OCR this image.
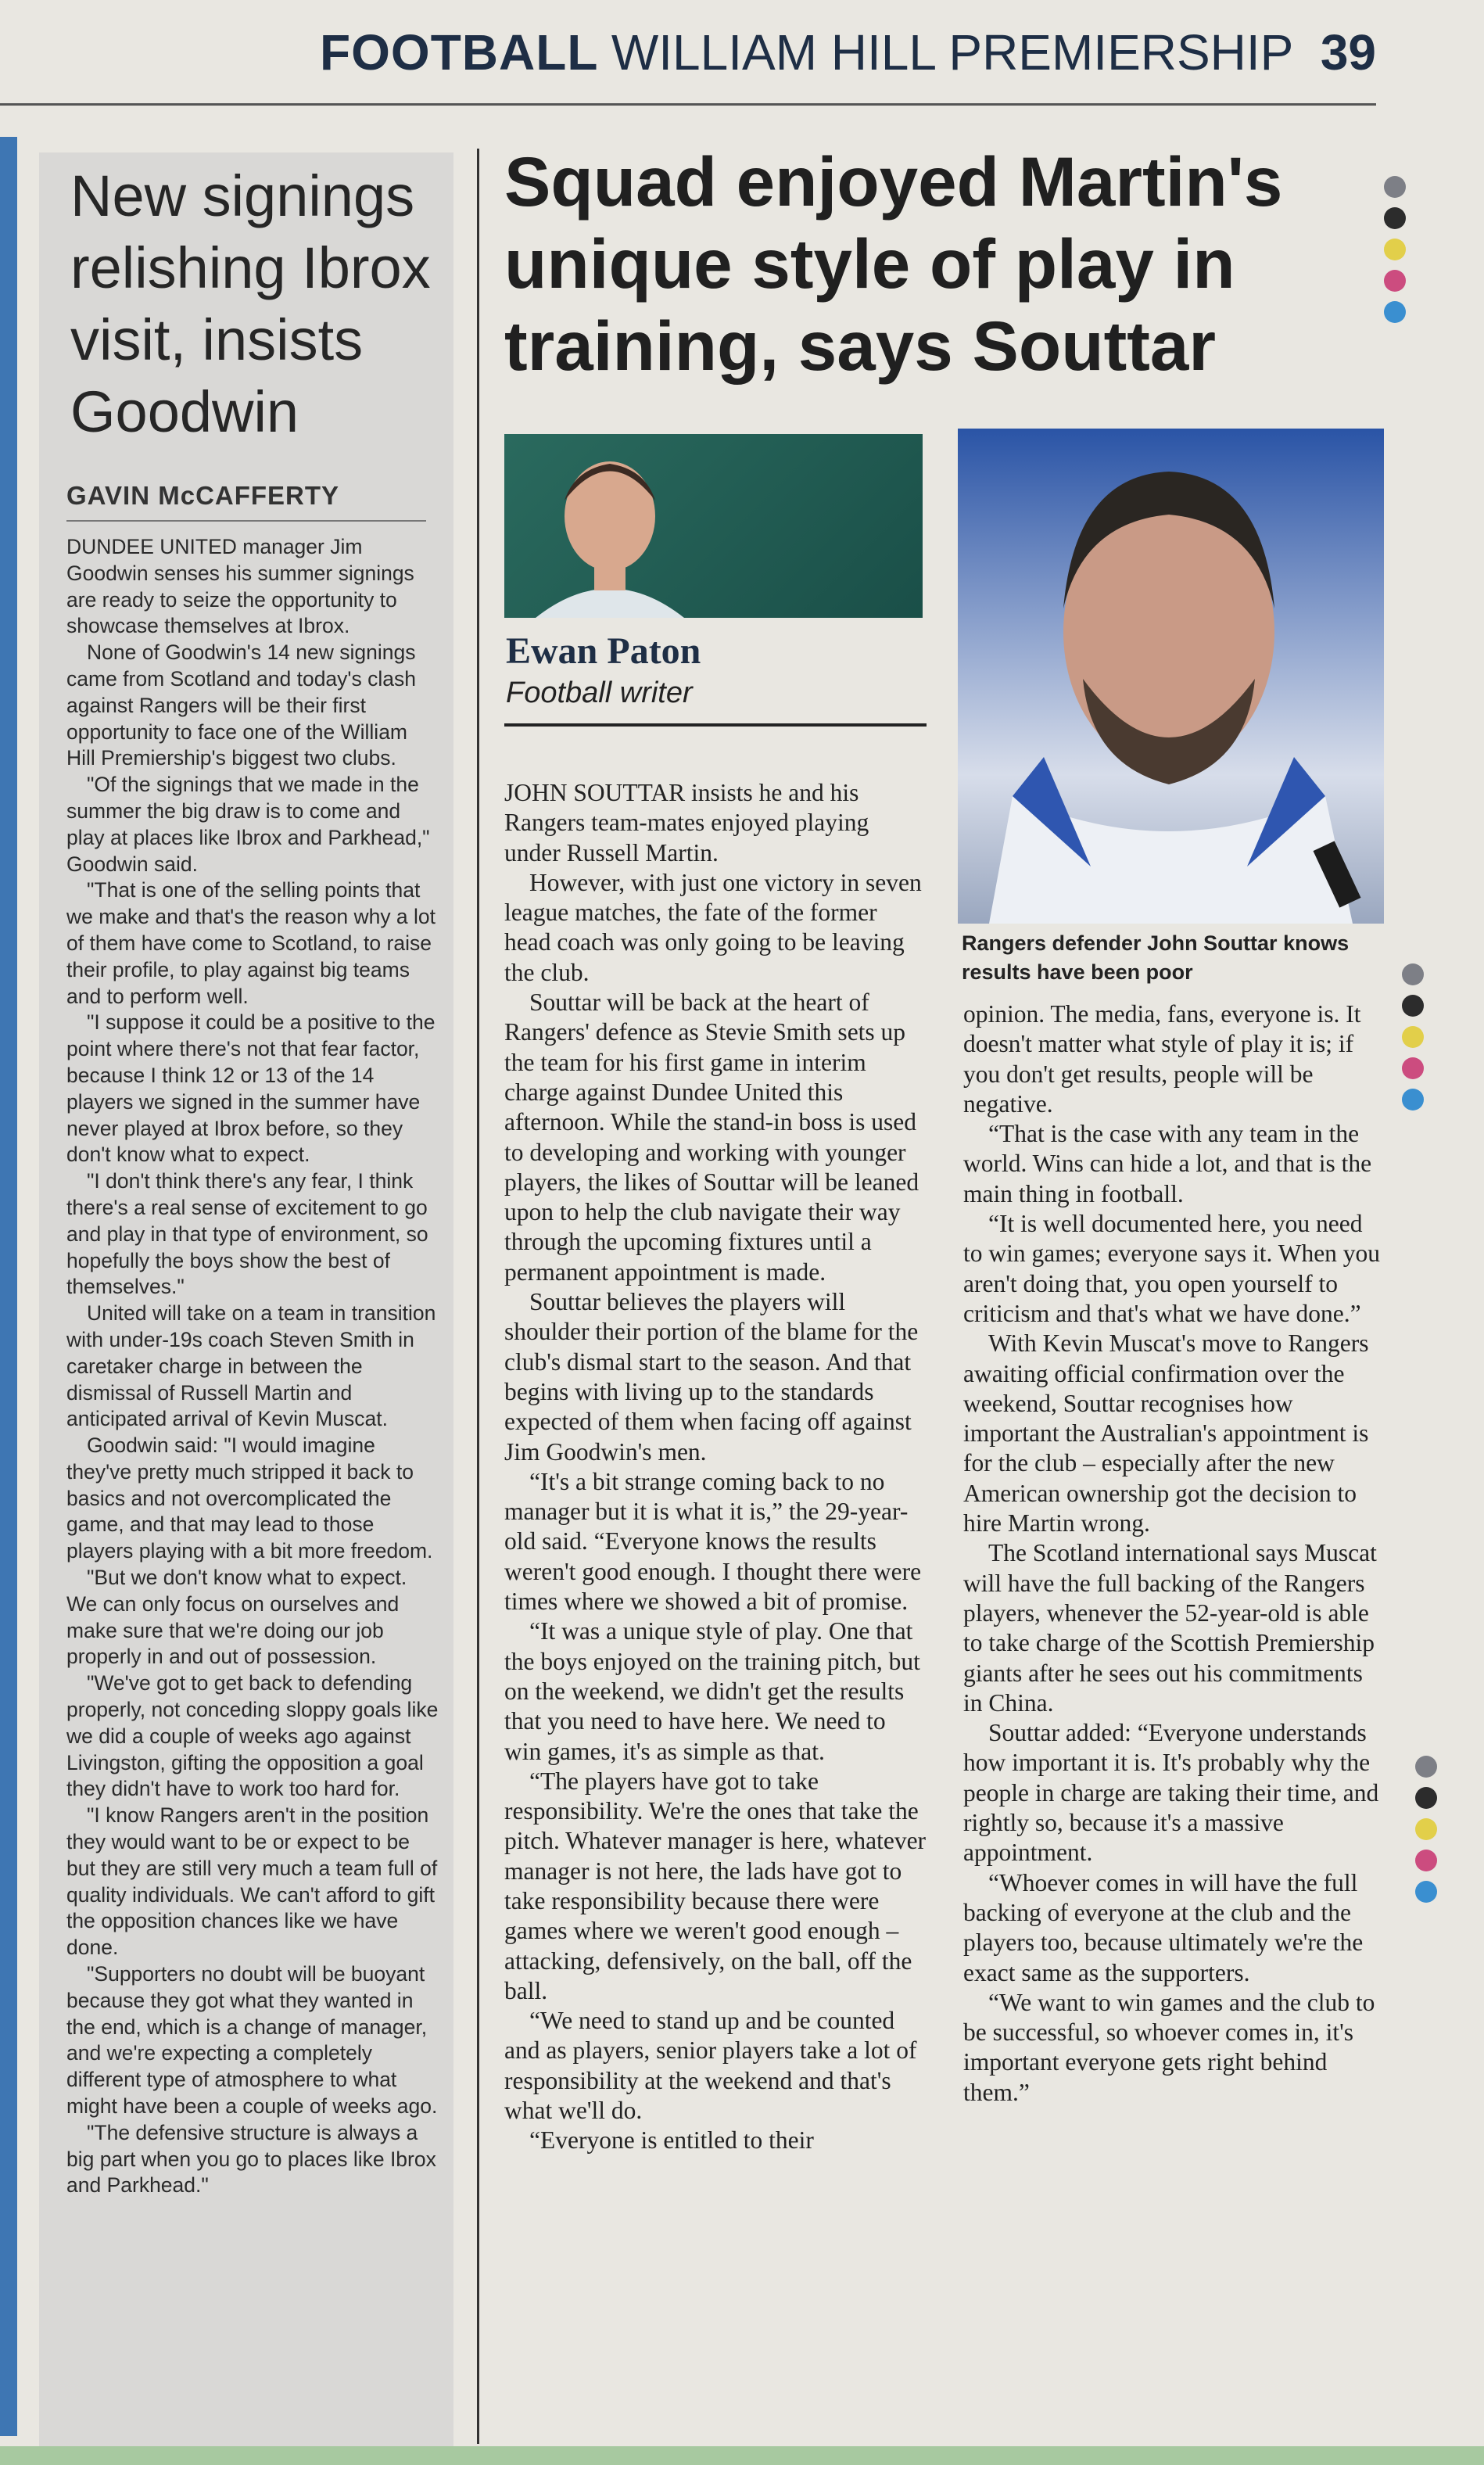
FOOTBALL WILLIAM HILL PREMIERSHIP 39
New signings relishing Ibrox visit, insists Goodwin
GAVIN McCAFFERTY

DUNDEE UNITED manager Jim Goodwin senses his summer signings are ready to seize the opportunity to showcase themselves at Ibrox.

None of Goodwin's 14 new signings came from Scotland and today's clash against Rangers will be their first opportunity to face one of the William Hill Premiership's biggest two clubs.

"Of the signings that we made in the summer the big draw is to come and play at places like Ibrox and Parkhead," Goodwin said.

"That is one of the selling points that we make and that's the reason why a lot of them have come to Scotland, to raise their profile, to play against big teams and to perform well.

"I suppose it could be a positive to the point where there's not that fear factor, because I think 12 or 13 of the 14 players we signed in the summer have never played at Ibrox before, so they don't know what to expect.

"I don't think there's any fear, I think there's a real sense of excitement to go and play in that type of environment, so hopefully the boys show the best of themselves."

United will take on a team in transition with under-19s coach Steven Smith in caretaker charge in between the dismissal of Russell Martin and anticipated arrival of Kevin Muscat.

Goodwin said: "I would imagine they've pretty much stripped it back to basics and not overcomplicated the game, and that may lead to those players playing with a bit more freedom.

"But we don't know what to expect. We can only focus on ourselves and make sure that we're doing our job properly in and out of possession.

"We've got to get back to defending properly, not conceding sloppy goals like we did a couple of weeks ago against Livingston, gifting the opposition a goal they didn't have to work too hard for.

"I know Rangers aren't in the position they would want to be or expect to be but they are still very much a team full of quality individuals. We can't afford to gift the opposition chances like we have done.

"Supporters no doubt will be buoyant because they got what they wanted in the end, which is a change of manager, and we're expecting a completely different type of atmosphere to what might have been a couple of weeks ago.

"The defensive structure is always a big part when you go to places like Ibrox and Parkhead."

Squad enjoyed Martin's unique style of play in training, says Souttar
Ewan Paton
Football writer
Rangers defender John Souttar knows results have been poor

JOHN SOUTTAR insists he and his Rangers team-mates enjoyed playing under Russell Martin.

However, with just one victory in seven league matches, the fate of the former head coach was only going to be leaving the club.

Souttar will be back at the heart of Rangers' defence as Stevie Smith sets up the team for his first game in interim charge against Dundee United this afternoon. While the stand-in boss is used to developing and working with younger players, the likes of Souttar will be leaned upon to help the club navigate their way through the upcoming fixtures until a permanent appointment is made.

Souttar believes the players will shoulder their portion of the blame for the club's dismal start to the season. And that begins with living up to the standards expected of them when facing off against Jim Goodwin's men.

“It's a bit strange coming back to no manager but it is what it is,” the 29-year-old said. “Everyone knows the results weren't good enough. I thought there were times where we showed a bit of promise.

“It was a unique style of play. One that the boys enjoyed on the training pitch, but on the weekend, we didn't get the results that you need to have here. We need to win games, it's as simple as that.

“The players have got to take responsibility. We're the ones that take the pitch. Whatever manager is here, whatever manager is not here, the lads have got to take responsibility because there were games where we weren't good enough – attacking, defensively, on the ball, off the ball.

“We need to stand up and be counted and as players, senior players take a lot of responsibility at the weekend and that's what we'll do.

“Everyone is entitled to their

opinion. The media, fans, everyone is. It doesn't matter what style of play it is; if you don't get results, people will be negative.

“That is the case with any team in the world. Wins can hide a lot, and that is the main thing in football.

“It is well documented here, you need to win games; everyone says it. When you aren't doing that, you open yourself to criticism and that's what we have done.”

With Kevin Muscat's move to Rangers awaiting official confirmation over the weekend, Souttar recognises how important the Australian's appointment is for the club – especially after the new American ownership got the decision to hire Martin wrong.

The Scotland international says Muscat will have the full backing of the Rangers players, whenever the 52-year-old is able to take charge of the Scottish Premiership giants after he sees out his commitments in China.

Souttar added: “Everyone understands how important it is. It's probably why the people in charge are taking their time, and rightly so, because it's a massive appointment.

“Whoever comes in will have the full backing of everyone at the club and the players too, because ultimately we're the exact same as the supporters.

“We want to win games and the club to be successful, so whoever comes in, it's important everyone gets right behind them.”
